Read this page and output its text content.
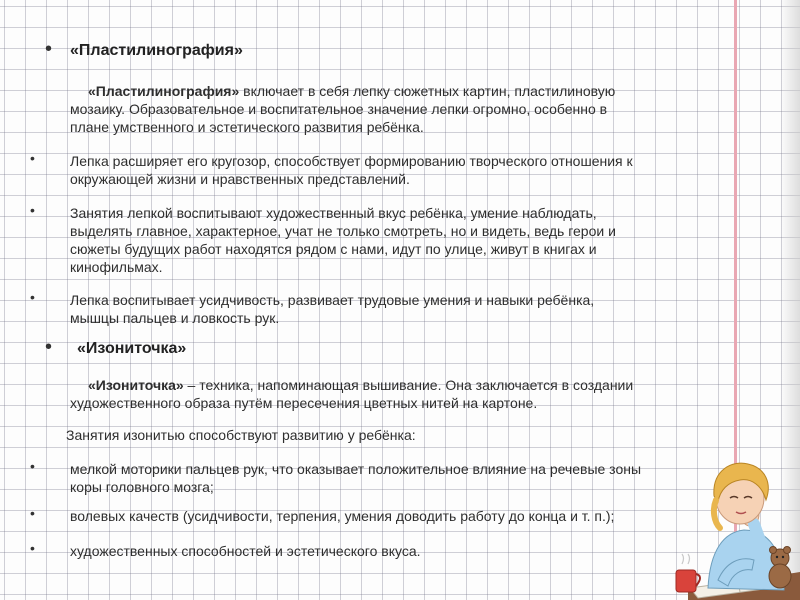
• «Пластилинография»
«Пластилинография» включает в себя лепку сюжетных картин, пластилиновую
мозаику. Образовательное и воспитательное значение лепки огромно, особенно в
плане умственного и эстетического развития ребёнка.
•	Лепка расширяет его кругозор, способствует формированию творческого отношения к
окружающей жизни и нравственных представлений.
•	Занятия лепкой воспитывают художественный вкус ребёнка, умение наблюдать,
выделять главное, характерное, учат не только смотреть, но и видеть, ведь герои и
сюжеты будущих работ находятся рядом с нами, идут по улице, живут в книгах и
кинофильмах.
•	Лепка воспитывает усидчивость, развивает трудовые умения и навыки ребёнка,
мышцы пальцев и ловкость рук.
• «Изониточка»
«Изониточка» – техника, напоминающая вышивание. Она заключается в создании
художественного образа путём пересечения цветных нитей на картоне.
Занятия изонитью способствуют развитию у ребёнка:
•	мелкой моторики пальцев рук, что оказывает положительное влияние на речевые зоны
коры головного мозга;
•	волевых качеств (усидчивости, терпения, умения доводить работу до конца и т. п.);
•	художественных способностей и эстетического вкуса.
